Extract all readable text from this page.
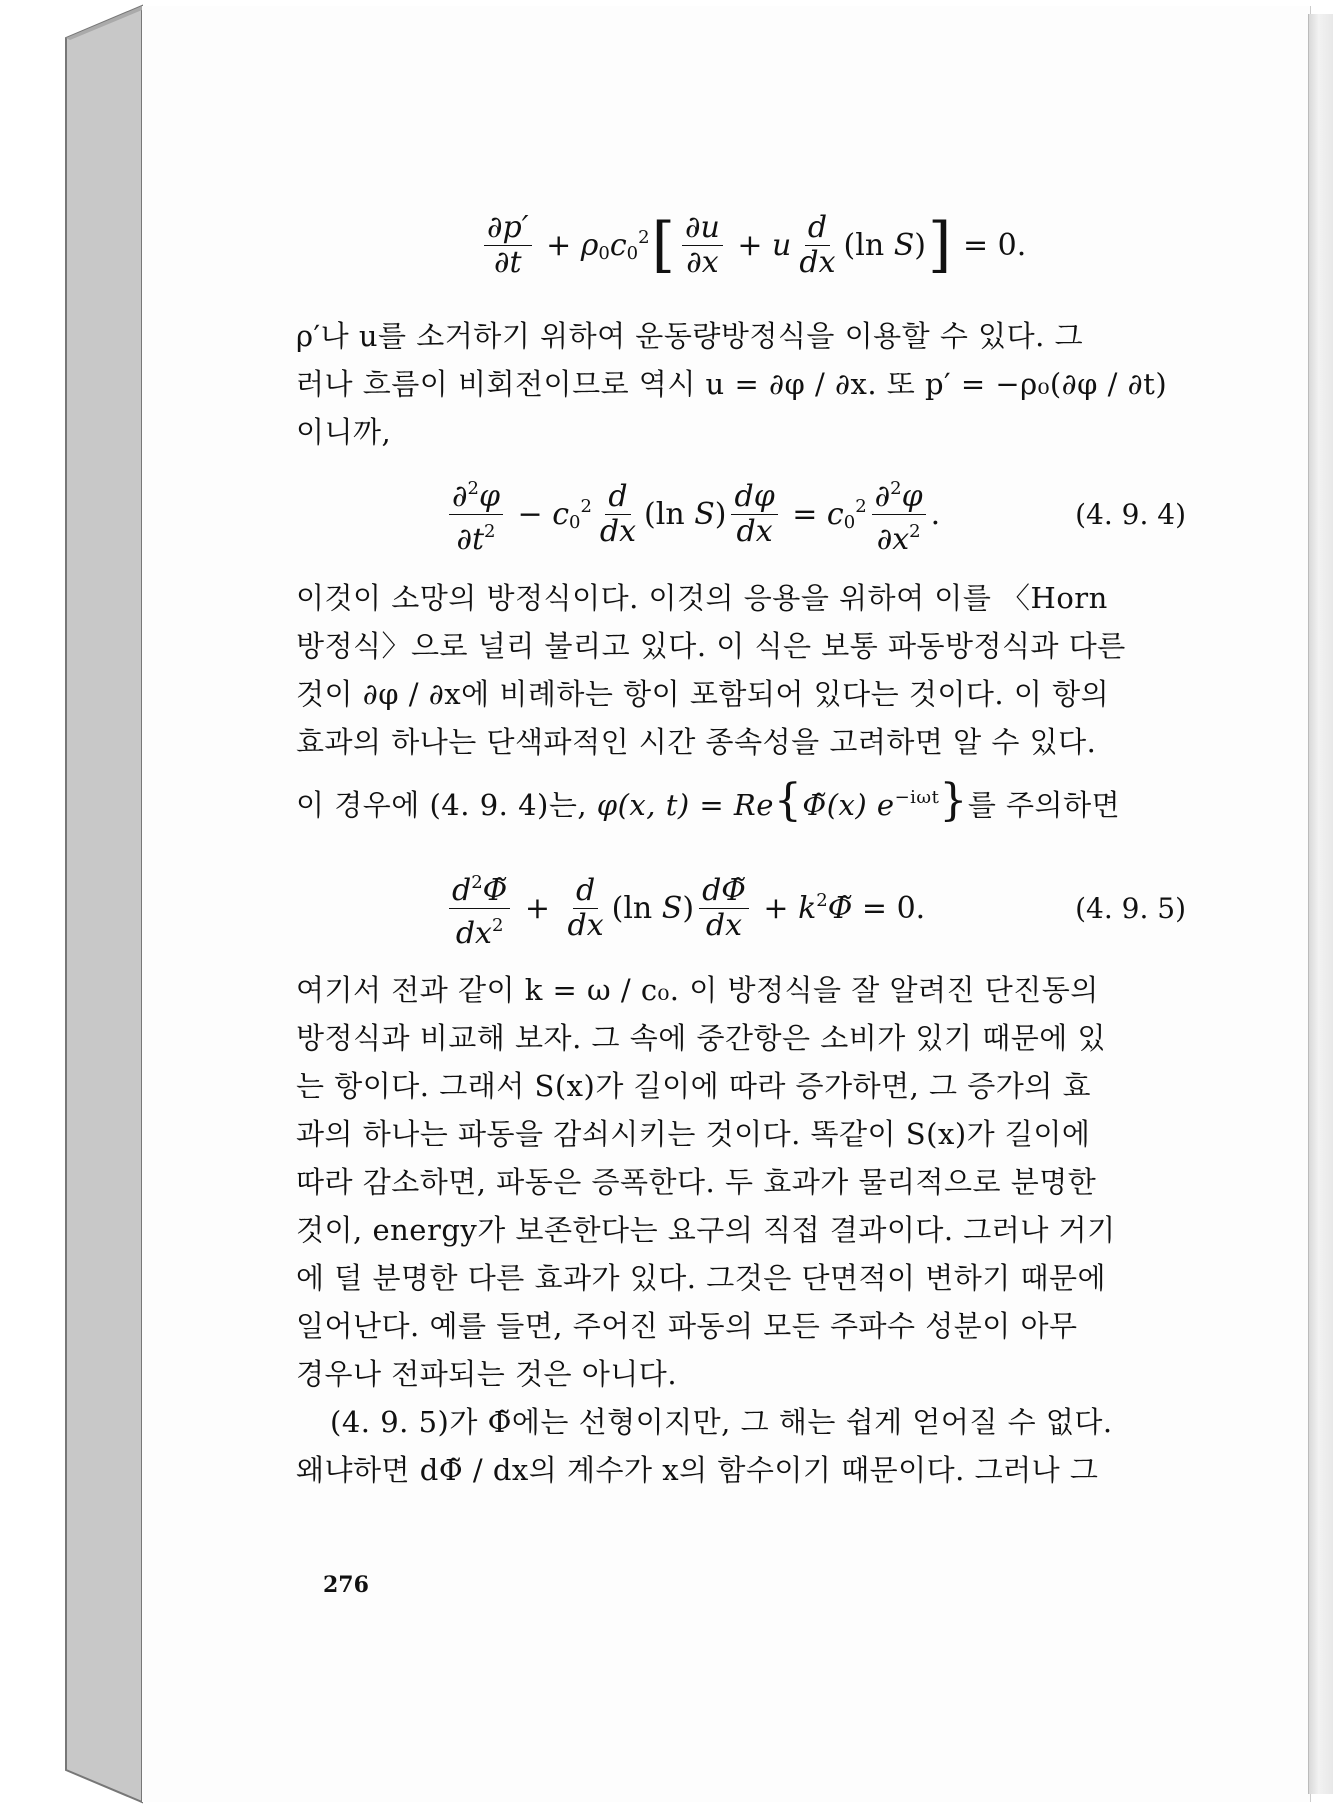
$\frac{\partial p'}{\partial t} + \rho_0c_0^2$ [ $\frac{\partial u}{\partial x} + u \frac{d}{dx} (\ln$ S) ] = 0.

ρ′나 u를 소거하기 위하여 운동량방정식을 이용할 수 있다. 그

러나 흐름이 비회전이므로 역시 u = ∂φ / ∂x. 또 p′ = −ρ₀(∂φ / ∂t)

이니까,

$\frac{\partial^2\varphi}{\partial t^2} - c_0^2 \frac{d}{dx} (\ln$ $S) \frac{d\varphi}{dx} = c_0^2 \frac{\partial^2\varphi}{\partial x^2}$ .	(4. 9. 4)

이것이 소망의 방정식이다. 이것의 응용을 위하여 이를 〈Horn

방정식〉으로 널리 불리고 있다. 이 식은 보통 파동방정식과 다른

것이 ∂φ / ∂x에 비례하는 항이 포함되어 있다는 것이다. 이 항의

효과의 하나는 단색파적인 시간 종속성을 고려하면 알 수 있다.

이 경우에 (4. 9. 4)는, φ(x, t) = Re{Φ̃(x) $e^{-i\omega t}$}를 주의하면

$\frac{d^2\Phĩ}{dx^2} + \frac{d}{dx} (\ln$ $S) \frac{d\Phĩ}{dx}$ + $k^2\Phĩ = 0$.	(4. 9. 5)

여기서 전과 같이 k = ω / c₀. 이 방정식을 잘 알려진 단진동의

방정식과 비교해 보자. 그 속에 중간항은 소비가 있기 때문에 있

는 항이다. 그래서 S(x)가 길이에 따라 증가하면, 그 증가의 효

과의 하나는 파동을 감쇠시키는 것이다. 똑같이 S(x)가 길이에

따라 감소하면, 파동은 증폭한다. 두 효과가 물리적으로 분명한

것이, energy가 보존한다는 요구의 직접 결과이다. 그러나 거기

에 덜 분명한 다른 효과가 있다. 그것은 단면적이 변하기 때문에

일어난다. 예를 들면, 주어진 파동의 모든 주파수 성분이 아무

경우나 전파되는 것은 아니다.

(4. 9. 5)가 Φ̃에는 선형이지만, 그 해는 쉽게 얻어질 수 없다.

왜냐하면 dΦ̃ / dx의 계수가 x의 함수이기 때문이다. 그러나 그

276
